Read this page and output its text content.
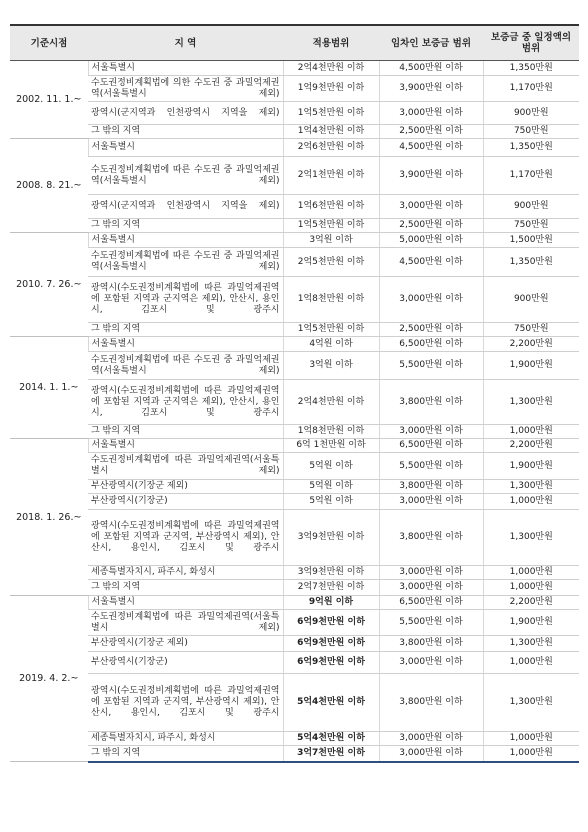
기준시점	지 역	적용범위	임차인 보증금 범위	보증금 중 일정액의 범위
2002. 11. 1.~	서울특별시	2억4천만원 이하	4,500만원 이하	1,350만원
	수도권정비계획법에 의한 수도권 중 과밀억제권역(서울특별시 제외)	1억9천만원 이하	3,900만원 이하	1,170만원
	광역시(군지역과 인천광역시 지역을 제외)	1억5천만원 이하	3,000만원 이하	900만원
	그 밖의 지역	1억4천만원 이하	2,500만원 이하	750만원
2008. 8. 21.~	서울특별시	2억6천만원 이하	4,500만원 이하	1,350만원
	수도권정비계획법에 따른 수도권 중 과밀억제권역(서울특별시 제외)	2억1천만원 이하	3,900만원 이하	1,170만원
	광역시(군지역과 인천광역시 지역을 제외)	1억6천만원 이하	3,000만원 이하	900만원
	그 밖의 지역	1억5천만원 이하	2,500만원 이하	750만원
2010. 7. 26.~	서울특별시	3억원 이하	5,000만원 이하	1,500만원
	수도권정비계획법에 따른 수도권 중 과밀억제권역(서울특별시 제외)	2억5천만원 이하	4,500만원 이하	1,350만원
	광역시(수도권정비계획법에 따른 과밀억제권역에 포함된 지역과 군지역은 제외), 안산시, 용인시, 김포시 및 광주시	1억8천만원 이하	3,000만원 이하	900만원
	그 밖의 지역	1억5천만원 이하	2,500만원 이하	750만원
2014. 1. 1.~	서울특별시	4억원 이하	6,500만원 이하	2,200만원
	수도권정비계획법에 따른 수도권 중 과밀억제권역(서울특별시 제외)	3억원 이하	5,500만원 이하	1,900만원
	광역시(수도권정비계획법에 따른 과밀억제권역에 포함된 지역과 군지역은 제외), 안산시, 용인시, 김포시 및 광주시	2억4천만원 이하	3,800만원 이하	1,300만원
	그 밖의 지역	1억8천만원 이하	3,000만원 이하	1,000만원
2018. 1. 26.~	서울특별시	6억 1천만원 이하	6,500만원 이하	2,200만원
	수도권정비계획법에 따른 과밀억제권역(서울특별시 제외)	5억원 이하	5,500만원 이하	1,900만원
	부산광역시(기장군 제외)	5억원 이하	3,800만원 이하	1,300만원
	부산광역시(기장군)	5억원 이하	3,000만원 이하	1,000만원
	광역시(수도권정비계획법에 따른 과밀억제권역에 포함된 지역과 군지역, 부산광역시 제외), 안산시, 용인시, 김포시 및 광주시	3억9천만원 이하	3,800만원 이하	1,300만원
	세종특별자치시, 파주시, 화성시	3억9천만원 이하	3,000만원 이하	1,000만원
	그 밖의 지역	2억7천만원 이하	3,000만원 이하	1,000만원
2019. 4. 2.~	서울특별시	9억원 이하	6,500만원 이하	2,200만원
	수도권정비계획법에 따른 과밀억제권역(서울특별시 제외)	6억9천만원 이하	5,500만원 이하	1,900만원
	부산광역시(기장군 제외)	6억9천만원 이하	3,800만원 이하	1,300만원
	부산광역시(기장군)	6억9천만원 이하	3,000만원 이하	1,000만원
	광역시(수도권정비계획법에 따른 과밀억제권역에 포함된 지역과 군지역, 부산광역시 제외), 안산시, 용인시, 김포시 및 광주시	5억4천만원 이하	3,800만원 이하	1,300만원
	세종특별자치시, 파주시, 화성시	5억4천만원 이하	3,000만원 이하	1,000만원
	그 밖의 지역	3억7천만원 이하	3,000만원 이하	1,000만원
